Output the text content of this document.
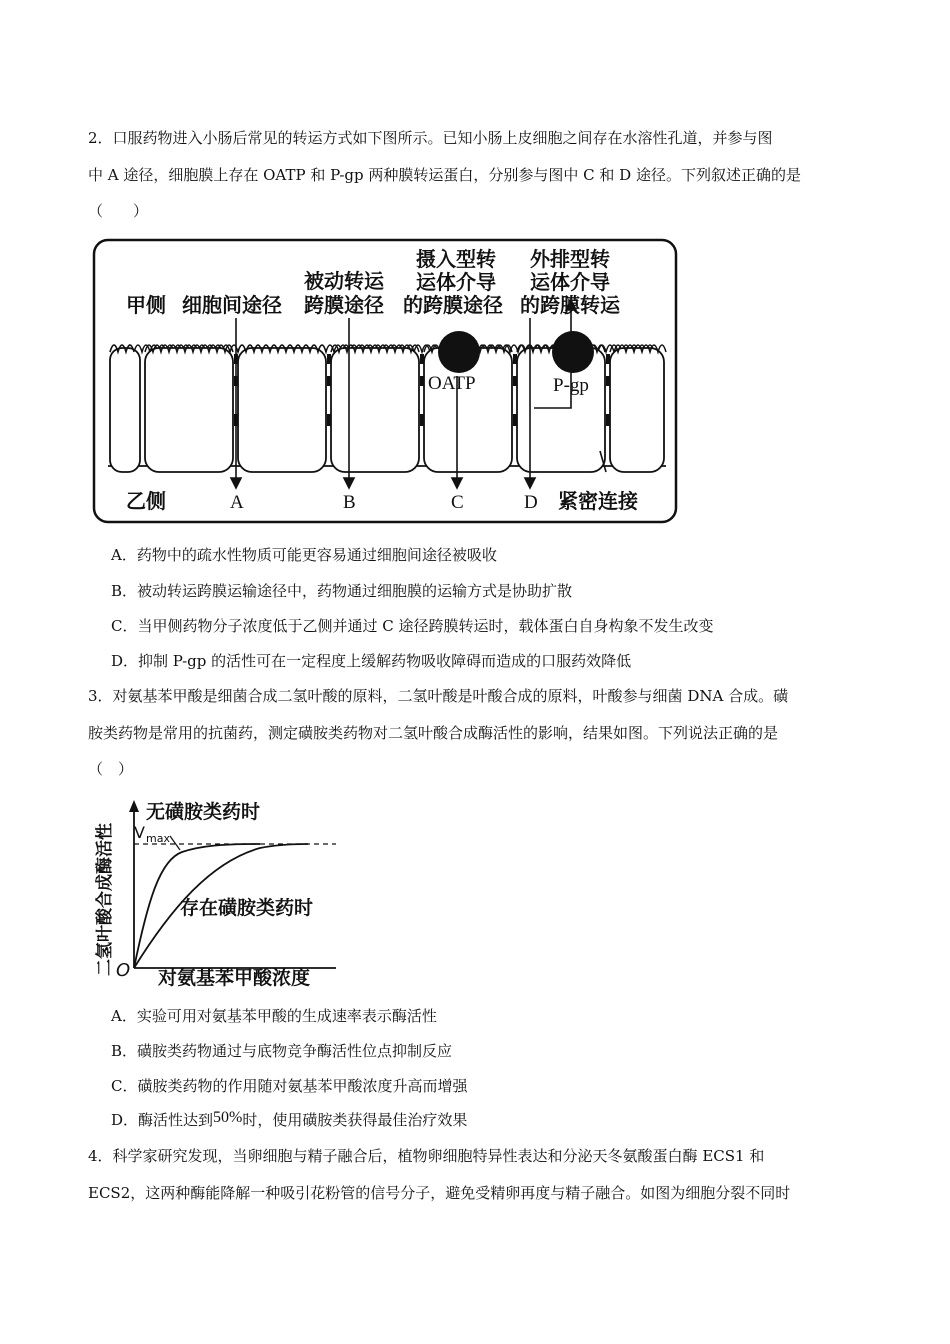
2．口服药物进入小肠后常见的转运方式如下图所示。已知小肠上皮细胞之间存在水溶性孔道，并参与图
中 A 途径，细胞膜上存在 OATP 和 P-gp 两种膜转运蛋白，分别参与图中 C 和 D 途径。下列叙述正确的是
（　　）
甲侧 细胞间途径
被动转运
跨膜途径
摄入型转
运体介导
的跨膜途径
外排型转
运体介导
的跨膜转运
OATP	P-gp
乙侧	A	B	C	D 紧密连接
A．药物中的疏水性物质可能更容易通过细胞间途径被吸收
B．被动转运跨膜运输途径中，药物通过细胞膜的运输方式是协助扩散
C．当甲侧药物分子浓度低于乙侧并通过 C 途径跨膜转运时，载体蛋白自身构象不发生改变
D．抑制 P-gp 的活性可在一定程度上缓解药物吸收障碍而造成的口服药效降低
3．对氨基苯甲酸是细菌合成二氢叶酸的原料，二氢叶酸是叶酸合成的原料，叶酸参与细菌 DNA 合成。磺
胺类药物是常用的抗菌药，测定磺胺类药物对二氢叶酸合成酶活性的影响，结果如图。下列说法正确的是
（　）
二氢叶酸合成酶活性 V max
无磺胺类药时
存在磺胺类药时
O 对氨基苯甲酸浓度
A．实验可用对氨基苯甲酸的生成速率表示酶活性
B．磺胺类药物通过与底物竞争酶活性位点抑制反应
C．磺胺类药物的作用随对氨基苯甲酸浓度升高而增强
D．酶活性达到50%时，使用磺胺类获得最佳治疗效果
4．科学家研究发现，当卵细胞与精子融合后，植物卵细胞特异性表达和分泌天冬氨酸蛋白酶 ECS1 和
ECS2，这两种酶能降解一种吸引花粉管的信号分子，避免受精卵再度与精子融合。如图为细胞分裂不同时
